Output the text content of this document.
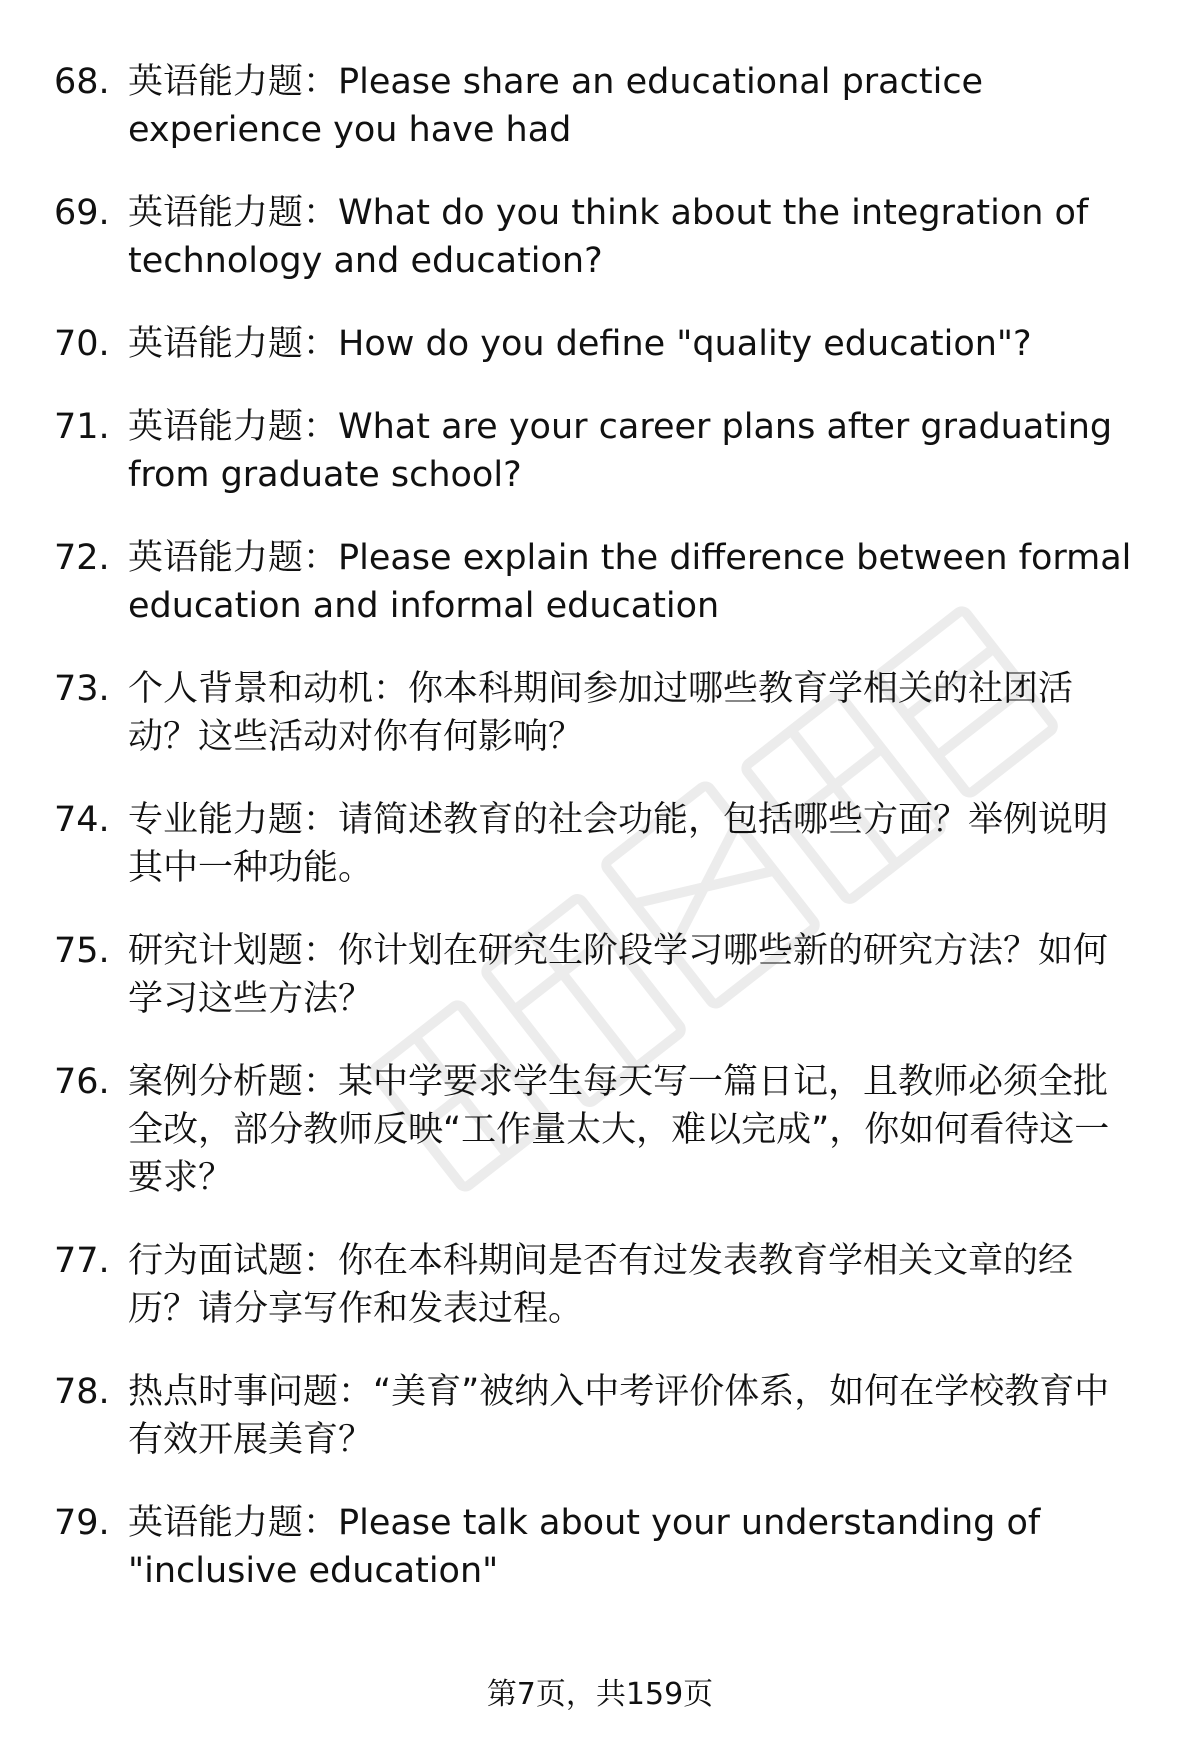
68. 英语能力题：Please share an educational practice experience you have had
69. 英语能力题：What do you think about the integration of technology and education?
70. 英语能力题：How do you define "quality education"?
71. 英语能力题：What are your career plans after graduating from graduate school?
72. 英语能力题：Please explain the difference between formal education and informal education
73. 个人背景和动机：你本科期间参加过哪些教育学相关的社团活动？这些活动对你有何影响？
74. 专业能力题：请简述教育的社会功能，包括哪些方面？举例说明其中一种功能。
75. 研究计划题：你计划在研究生阶段学习哪些新的研究方法？如何学习这些方法？
76. 案例分析题：某中学要求学生每天写一篇日记，且教师必须全批全改，部分教师反映“工作量太大，难以完成”，你如何看待这一要求？
77. 行为面试题：你在本科期间是否有过发表教育学相关文章的经历？请分享写作和发表过程。
78. 热点时事问题：“美育”被纳入中考评价体系，如何在学校教育中有效开展美育？
79. 英语能力题：Please talk about your understanding of "inclusive education"
第7页，共159页
